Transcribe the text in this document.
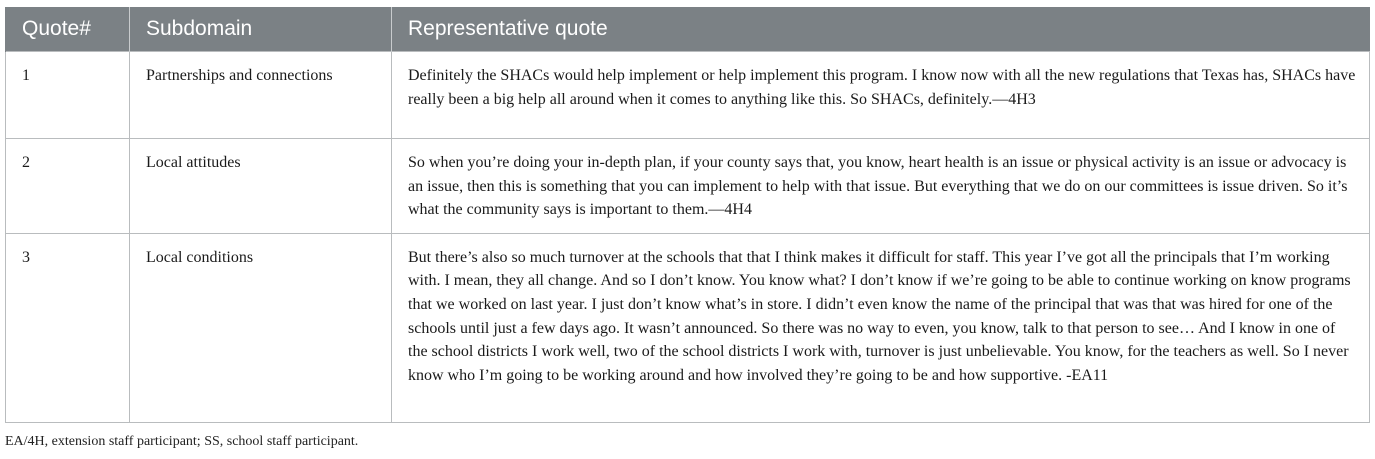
Quote#	Subdomain	Representative quote
1	Partnerships and connections	Definitely the SHACs would help implement or help implement this program. I know now with all the new regulations that Texas has, SHACs have really been a big help all around when it comes to anything like this. So SHACs, definitely.—4H3
2	Local attitudes	So when you’re doing your in-depth plan, if your county says that, you know, heart health is an issue or physical activity is an issue or advocacy is an issue, then this is something that you can implement to help with that issue. But everything that we do on our committees is issue driven. So it’s what the community says is important to them.—4H4
3	Local conditions	But there’s also so much turnover at the schools that that I think makes it difficult for staff. This year I’ve got all the principals that I’m working with. I mean, they all change. And so I don’t know. You know what? I don’t know if we’re going to be able to continue working on know programs that we worked on last year. I just don’t know what’s in store. I didn’t even know the name of the principal that was that was hired for one of the schools until just a few days ago. It wasn’t announced. So there was no way to even, you know, talk to that person to see… And I know in one of the school districts I work well, two of the school districts I work with, turnover is just unbelievable. You know, for the teachers as well. So I never know who I’m going to be working around and how involved they’re going to be and how supportive. -EA11
EA/4H, extension staff participant; SS, school staff participant.
